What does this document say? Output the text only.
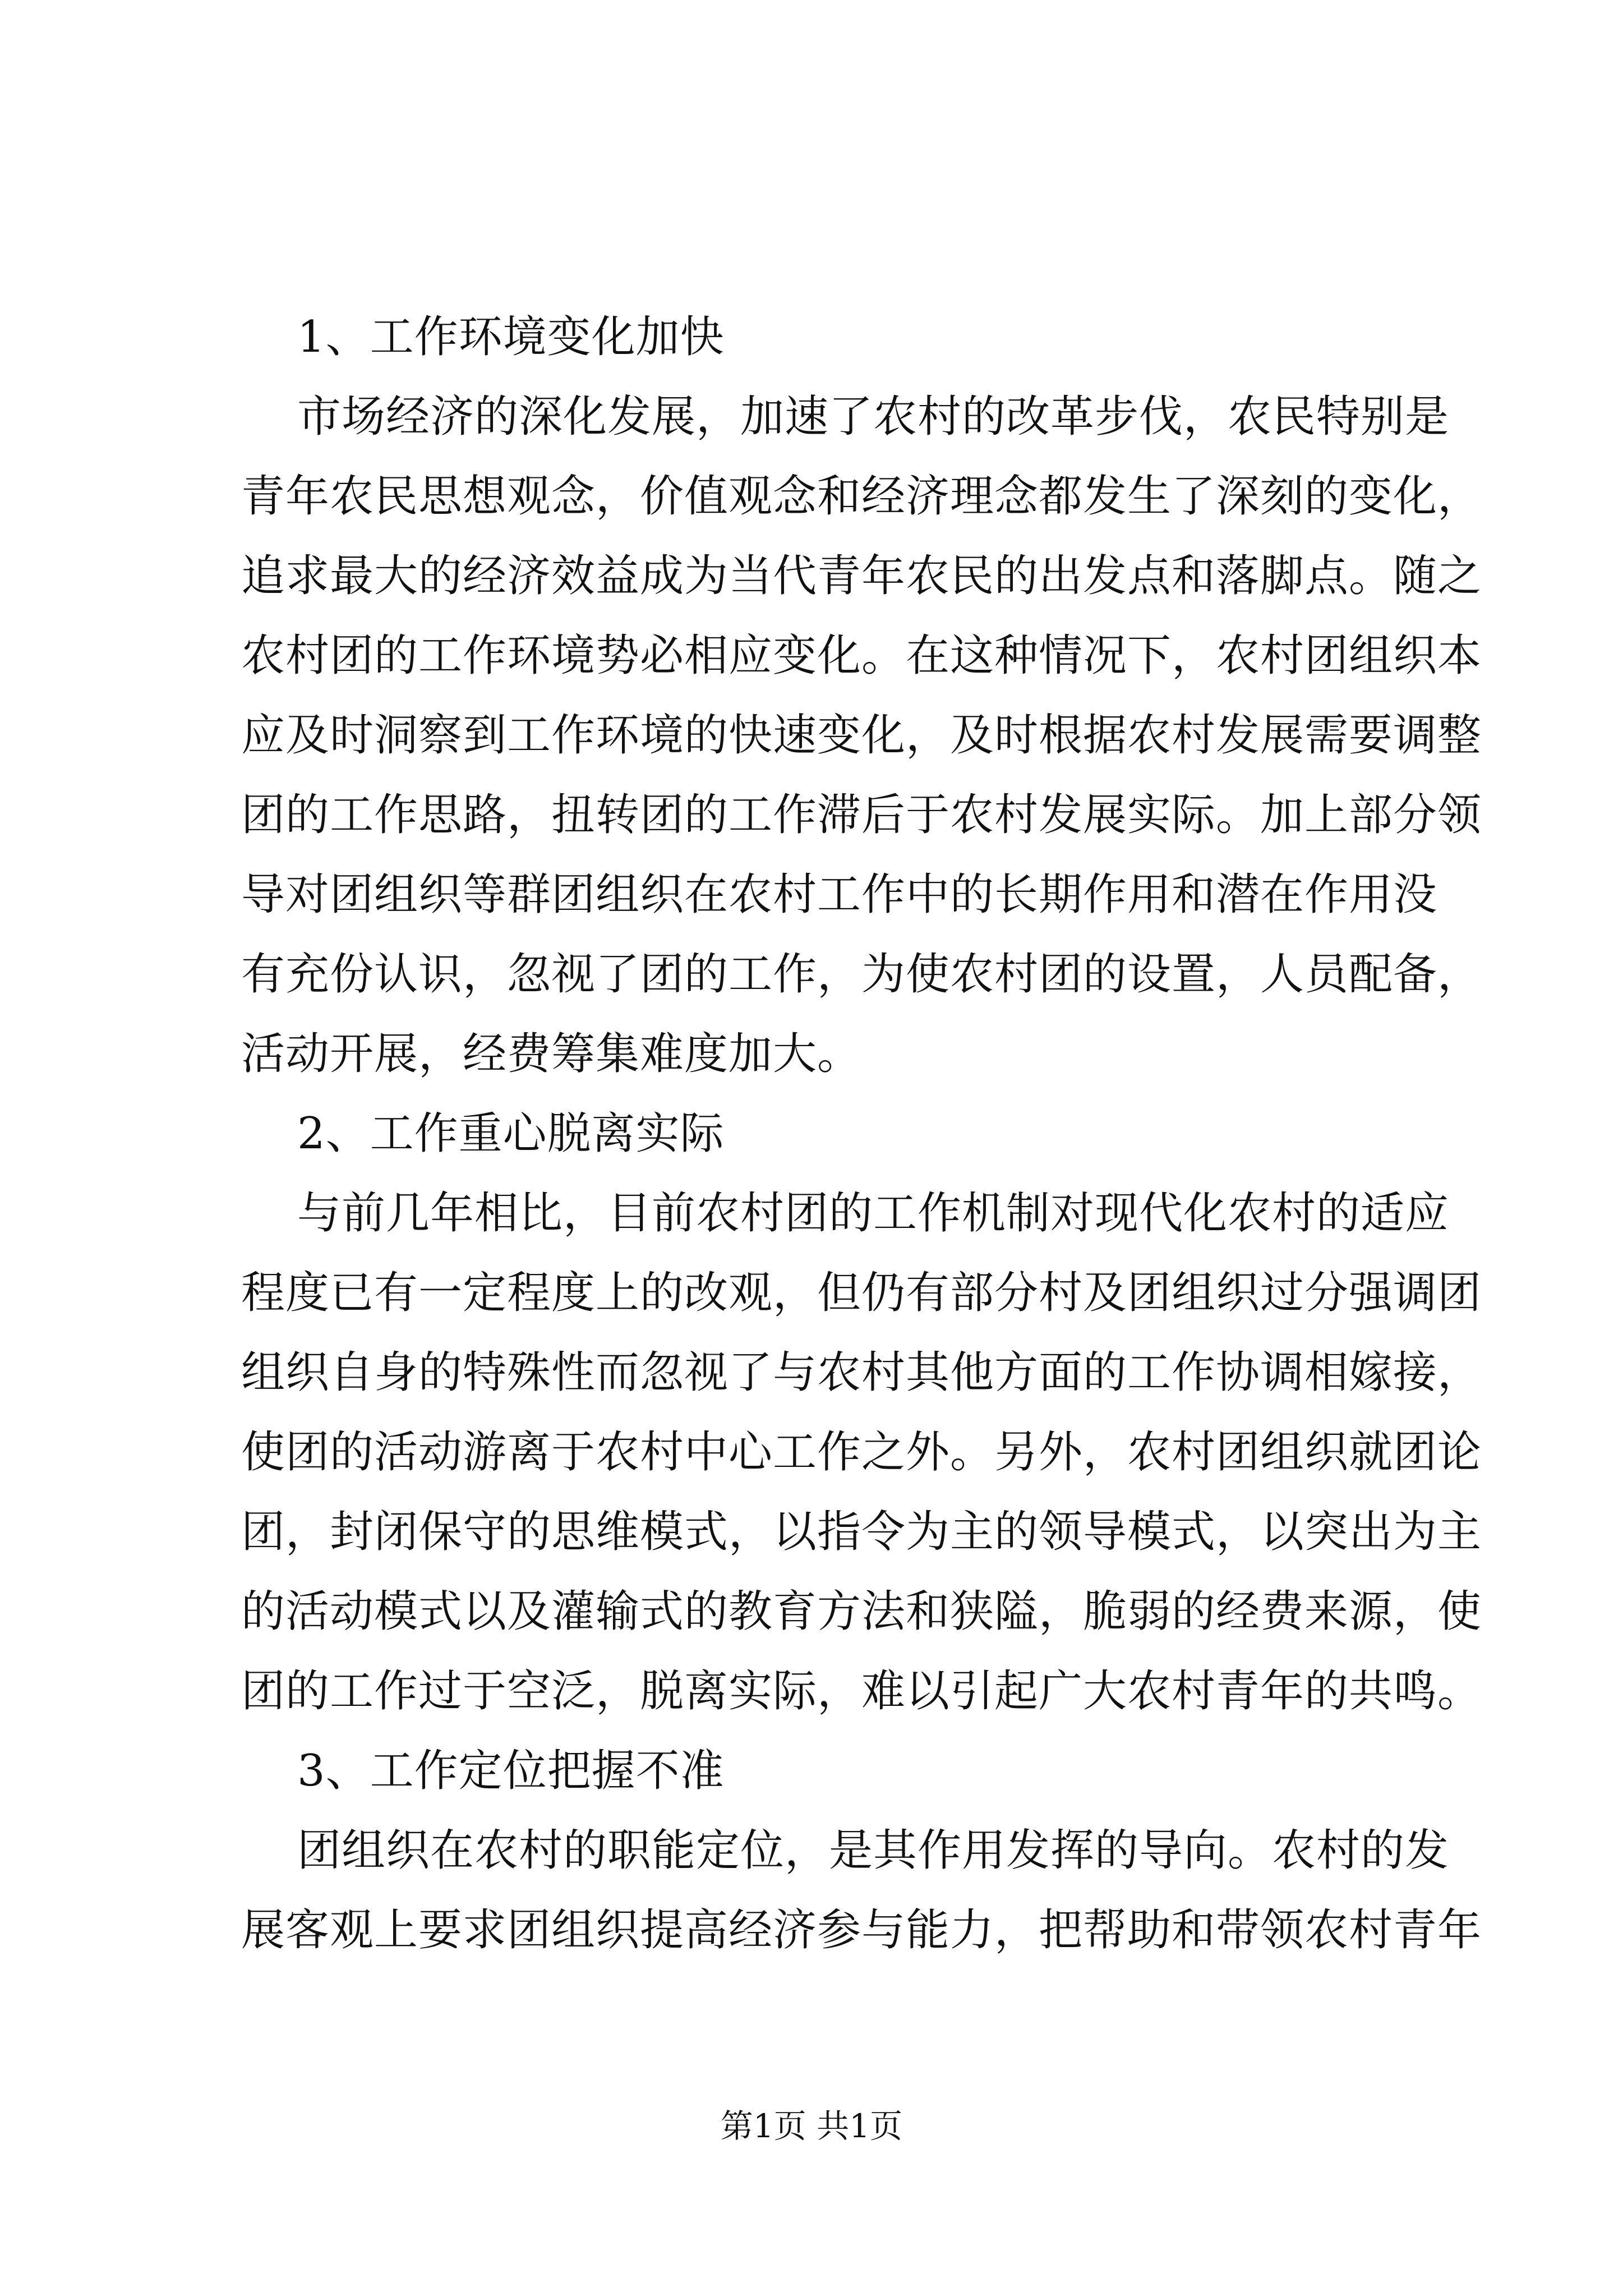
1、工作环境变化加快
市场经济的深化发展，加速了农村的改革步伐，农民特别是
青年农民思想观念，价值观念和经济理念都发生了深刻的变化，
追求最大的经济效益成为当代青年农民的出发点和落脚点。随之
农村团的工作环境势必相应变化。在这种情况下，农村团组织本
应及时洞察到工作环境的快速变化，及时根据农村发展需要调整
团的工作思路，扭转团的工作滞后于农村发展实际。加上部分领
导对团组织等群团组织在农村工作中的长期作用和潜在作用没
有充份认识，忽视了团的工作，为使农村团的设置，人员配备，
活动开展，经费筹集难度加大。
2、工作重心脱离实际
与前几年相比，目前农村团的工作机制对现代化农村的适应
程度已有一定程度上的改观，但仍有部分村及团组织过分强调团
组织自身的特殊性而忽视了与农村其他方面的工作协调相嫁接，
使团的活动游离于农村中心工作之外。另外，农村团组织就团论
团，封闭保守的思维模式，以指令为主的领导模式，以突出为主
的活动模式以及灌输式的教育方法和狭隘，脆弱的经费来源，使
团的工作过于空泛，脱离实际，难以引起广大农村青年的共鸣。
3、工作定位把握不准
团组织在农村的职能定位，是其作用发挥的导向。农村的发
展客观上要求团组织提高经济参与能力，把帮助和带领农村青年
第1页 共1页
